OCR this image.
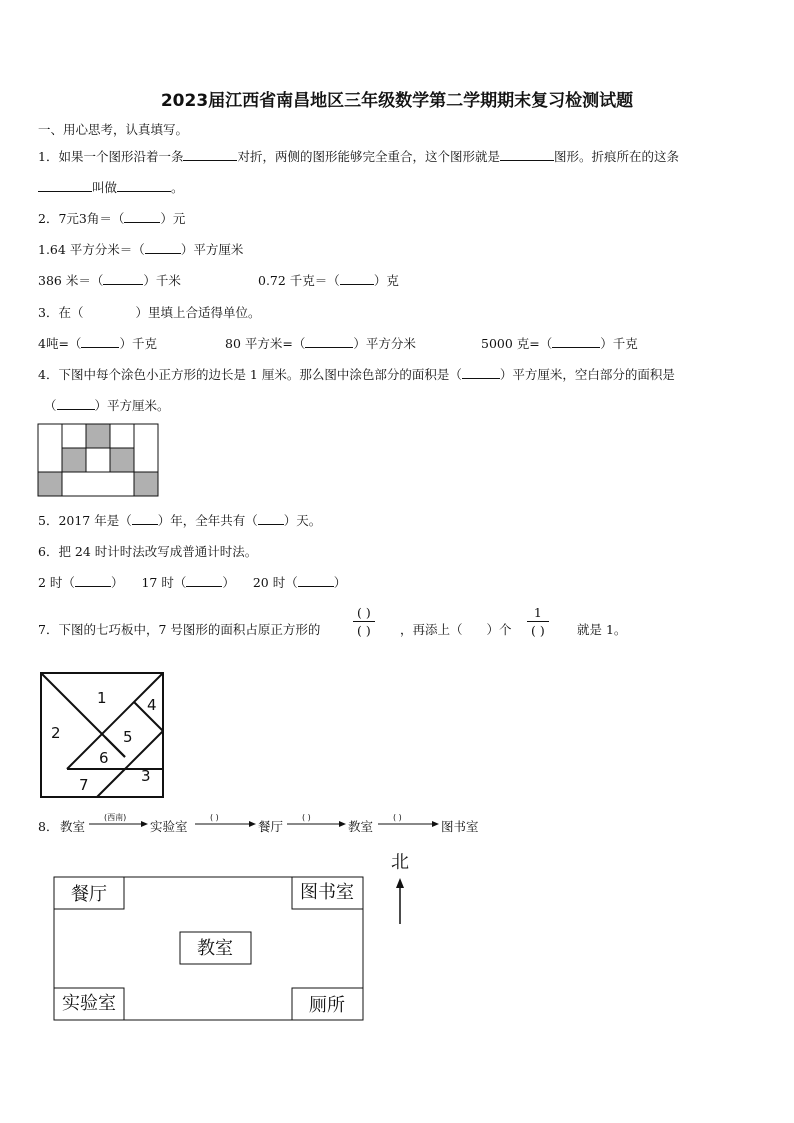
2023届江西省南昌地区三年级数学第二学期期末复习检测试题
一、用心思考，认真填写。
1．如果一个图形沿着一条	对折，两侧的图形能够完全重合，这个图形就是	图形。折痕所在的这条
叫做	。
2．7元3角＝（	）元
1.64 平方分米＝（	）平方厘米
386 米＝（	）千米	0.72 千克＝（	）克
3．在（	）里填上合适得单位。
4吨=（	）千克	80 平方米=（	）平方分米	5000 克=（	）千克
4．下图中每个涂色小正方形的边长是 1 厘米。那么图中涂色部分的面积是（	）平方厘米，空白部分的面积是
（	）平方厘米。
5．2017 年是（ ）年，全年共有（ ）天。
6．把 24 时计时法改写成普通计时法。
2 时（	） 17 时（	） 20 时（	）
7．下图的七巧板中，7 号图形的面积占原正方形的
( )
( )	，再添上（ ）个
1
( )	就是 1。
1
2
3
4
5
6
7
8． 教室
(西南)
实验室
( )
餐厅
( )
教室
( )
图书室
餐厅	图书室
教室
实验室	厕所
北
